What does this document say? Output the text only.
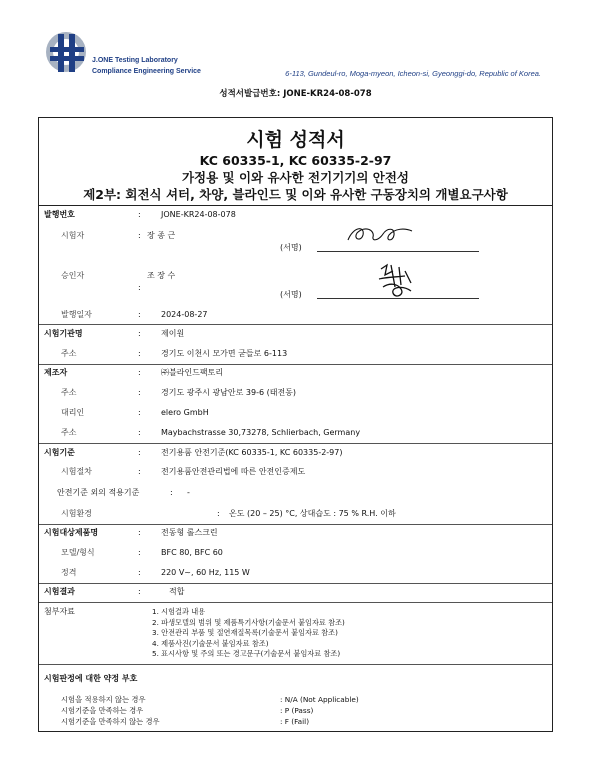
J.ONE Testing Laboratory
Compliance Engineering Service	6-113, Gundeul-ro, Moga-myeon, Icheon-si, Gyeonggi-do, Republic of Korea.
성적서발급번호: JONE-KR24-08-078
시험 성적서
KC 60335-1, KC 60335-2-97
가정용 및 이와 유사한 전기기기의 안전성
제2부: 회전식 셔터, 차양, 블라인드 및 이와 유사한 구동장치의 개별요구사항
발행번호	:	JONE-KR24-08-078
시험자	: 장 종 근
(서명)
승인자	조 장 수
:
(서명)
발행일자	:	2024-08-27
시험기관명	:	제이원
주소	:	경기도 이천시 모가면 굳들로 6-113
제조자	:	㈜블라인드팩토리
주소	:	경기도 광주시 광남안로 39-6 (태전동)
대리인	:	elero GmbH
주소	:	Maybachstrasse 30,73278, Schlierbach, Germany
시험기준	:	전기용품 안전기준(KC 60335-1, KC 60335-2-97)
시험절차	:	전기용품안전관리법에 따른 안전인증제도
안전기준 외의 적용기준	: -
시험환경	: 온도 (20 – 25) °C, 상대습도 : 75 % R.H. 이하
시험대상제품명	:	전동형 롤스크린
모델/형식	:	BFC 80, BFC 60
정격	:	220 V~, 60 Hz, 115 W
시험결과	:	적합
첨부자료	1. 시험결과 내용
2. 파생모델의 범위 및 제품특기사항(기술문서 붙임자료 참조)
3. 안전관리 부품 및 절연재질목록(기술문서 붙임자료 참조)
4. 제품사진(기술문서 붙임자료 참조)
5. 표시사항 및 주의 또는 경고문구(기술문서 붙임자료 참조)
시험판정에 대한 약정 부호
시험을 적용하지 않는 경우	: N/A (Not Applicable)
시험기준을 만족하는 경우	: P (Pass)
시험기준을 만족하지 않는 경우	: F (Fail)
